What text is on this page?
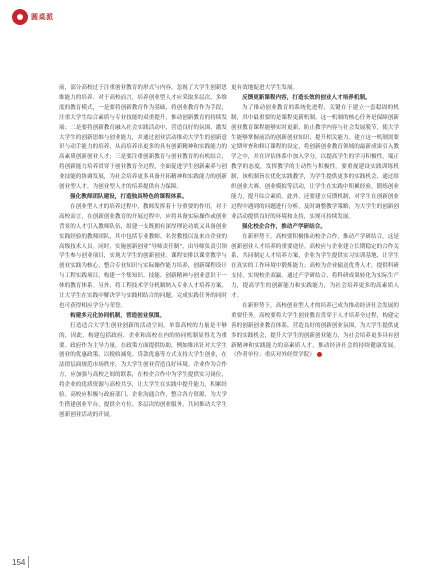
圆桌派

前，部分高校过于注重创业教育的形式与内容，忽视了大学生创新思维能力的培养。对于高校而言，培养创业型人才应采取多层次、多维度的教育模式，一是要将创新教育作为基础，将创业教育作为手段，注重大学生综合素质与专业技能的双重提升，推动创新教育的持续发展；二是要将创新教育融入社会实践活动中，营造良好的氛围，激发大学生的创新思维与创业能力，并通过创业活动推动大学生的创新意识与动手能力的培养，从而培养出更多的具有创新精神和实践能力的高素质创新创业人才；三是要注重创新教育与创业教育的有机结合，将创新能力培养贯穿于创业教育全过程，全面促进学生创新素养与创业技能的协调发展，为社会培养更多具备开拓精神和实践能力的创新创业型人才，为创业型人才的培养提供有力保障。

强化教师团队建设，打造独具特色的课程体系。

在创业型人才的培养过程中，教师发挥着十分重要的作用。对于高校而言，在创新创业教育的开展过程中，应将具备实际操作或创业背景的人才引入教师队伍，组建一支既拥有深厚理论功底又具备创业实践经验的教师团队，其中包括专业教师、名誉教授以及来自企业的高级技术人员。同时，实施创新创业“导师责任制”，由导师负责引领学生参与创业项目，实现大学生的创新创业。课程安排以课堂教学与创业实践为核心，整合专业知识与实际操作能力培养，创新课程设计与工程实践项目，构建一个集知识、技能、创新精神与创业意识于一体的教育体系。另外，将工程技术学分机制纳入专业人才培养方案，让大学生在实践中解决学与实践相结合的问题，完成实践任务的同时也可获得相应学分与荣誉。

构建多元化协同机制，营造创业氛围。

打造适合大学生创业创新的活动空间，单靠高校的力量是不够的，因此，构建包括政府、企业和高校在内的协同机制显得尤为重要。政府作为主导力量，在政策方面提供协助，例如推出针对大学生创业的优惠政策，以税收减免、贷款优惠等方式支持大学生创业，在法律层面规范市场秩序，为大学生创业营造良好环境。企业作为合作方，应加强与高校之间的联系，在校企合作中为学生提供实习岗位，将企业的优质资源与高校共享，让大学生在实践中提升能力，积累经验。高校应积极与政府部门、企业沟通合作，整合各方资源，为大学生搭建创业平台，提供全方位、多层次的创业服务，共同推动大学生创新创业活动的开展。

更有效地促进大学生发展。

反馈更新课程内容，打造长效的创业人才培养机制。

为了推动创业教育的系统化进程，关键在于建立一套稳固的机制，其中最重要的是课程更新机制。这一机制的核心任务是保障创新创业教育课程能够实时更新，防止教学内容与社会发展脱节，使大学生能够掌握前沿的创新创业知识，提升相关能力。建立这一机制需要定期审查和修订课程的设定，将创新创业教育领域的最新成果引入教学之中，并在评估体系中加入学分，以提高学生的学习积极性，端正教学的态度，发挥教学的主动性与积极性。要重视建设实践训练机制，该机制旨在优化实践教学，为学生提供更多的实践机会，通过组织创业大赛、创业模拟等活动，让学生在实践中积累经验，锻炼创业能力，提升综合素质。此外，还要建立反馈机制，对学生在创新创业过程中遇到的问题进行分析，及时调整教学策略，为大学生的创新创业活动提供良好的环境和支持，实现可持续发展。

强化校企合作，推动产学研结合。

在新形势下，高校要积极推动校企合作，推动产学研结合，这是创新创业人才培养的重要途径。高校应与企业建立长期稳定的合作关系，共同制定人才培养方案，企业为学生提供实习实训基地，让学生在真实的工作环境中锻炼能力；高校为企业输送优秀人才，提供科研支持，实现校企双赢。通过产学研结合，将科研成果转化为实际生产力，提高学生的创新能力和实践能力，为社会培养更多的高素质人才。

在新形势下，高校创业型人才的培养已成为推动经济社会发展的重要任务。高校要将大学生创业教育贯穿于人才培养全过程，构建完善的创新创业教育体系，营造良好的创新创业氛围，为大学生提供更多的实践机会，提升大学生的创新创业能力，为社会培养更多具有创新精神和实践能力的高素质人才，推动经济社会的持续健康发展。（作者单位：重庆对外经贸学院）

154
